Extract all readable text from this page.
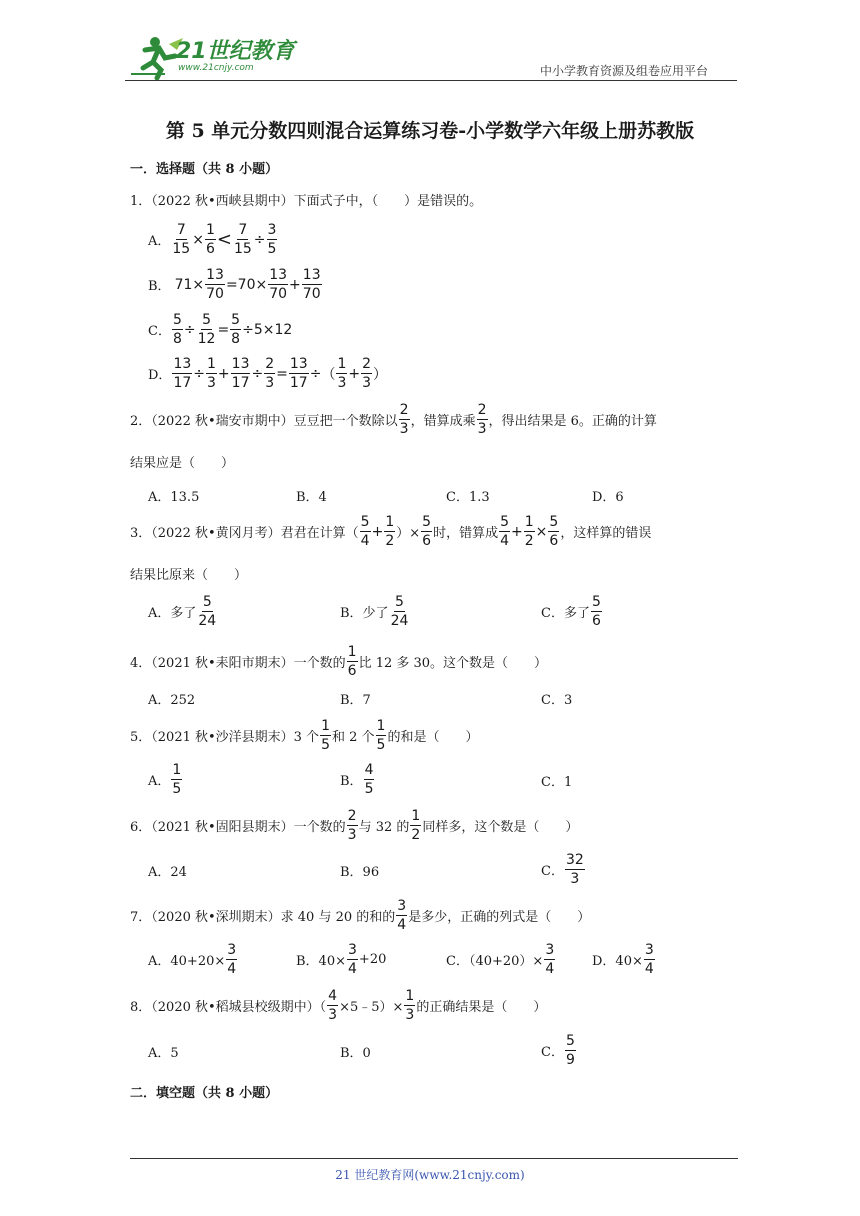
21世纪教育
www.21cnjy.com	中小学教育资源及组卷应用平台
第 5 单元分数四则混合运算练习卷-小学数学六年级上册苏教版
一．选择题（共 8 小题）
1．（2022 秋•西峡县期中）下面式子中，（　　）是错误的。
A． $\frac{7}{15} \times \frac{1}{6} < \frac{7}{15} \div \frac{3}{5}$
B． $71\times \frac{13}{70} =70\times \frac{13}{70} + \frac{13}{70}$
C． $\frac{5}{8} \div \frac{5}{12} = \frac{5}{8} \div 5\times 12$
D． $\frac{13}{17} \div \frac{1}{3} + \frac{13}{17} \div \frac{2}{3} = \frac{13}{17}$ ÷ （ $\frac{1}{3} + \frac{2}{3}$ ）
2．（2022 秋•瑞安市期中）豆豆把一个数除以 $\frac{2}{3}$ ，错算成乘 $\frac{2}{3}$ ，得出结果是 6。正确的计算
结果应是（　　）
A．13.5	B．4	C．1.3	D．6
3．（2022 秋•黄冈月考）君君在计算（ $\frac{5}{4} + \frac{1}{2}$ ）× $\frac{5}{6}$ 时，错算成 $\frac{5}{4} + \frac{1}{2} \times \frac{5}{6}$ ，这样算的错误
结果比原来（　　）
A．多了 $\frac{5}{24}$	B．少了 $\frac{5}{24}$	C．多了 $\frac{5}{6}$
4．（2021 秋•耒阳市期末）一个数的 $\frac{1}{6}$ 比 12 多 30。这个数是（　　）
A．252	B．7	C．3
5．（2021 秋•沙洋县期末）3 个 $\frac{1}{5}$ 和 2 个 $\frac{1}{5}$ 的和是（　　）
A． $\frac{1}{5}$	B． $\frac{4}{5}$	C．1
6．（2021 秋•固阳县期末）一个数的 $\frac{2}{3}$ 与 32 的 $\frac{1}{2}$ 同样多，这个数是（　　）
A．24	B．96	C． $\frac{32}{3}$
7．（2020 秋•深圳期末）求 40 与 20 的和的 $\frac{3}{4}$ 是多少，正确的列式是（　　）
A．$40+20\times \frac{3}{4}$	B．$40\times \frac{3}{4} +20$	C．$(40+20)\times \frac{3}{4}$	D．$40\times \frac{3}{4}$
8．（2020 秋•稻城县校级期中）（ $\frac{4}{3}$ ×5﹣5）× $\frac{1}{3}$ 的正确结果是（　　）
A．5	B．0	C． $\frac{5}{9}$
二．填空题（共 8 小题）
21 世纪教育网(www.21cnjy.com)
